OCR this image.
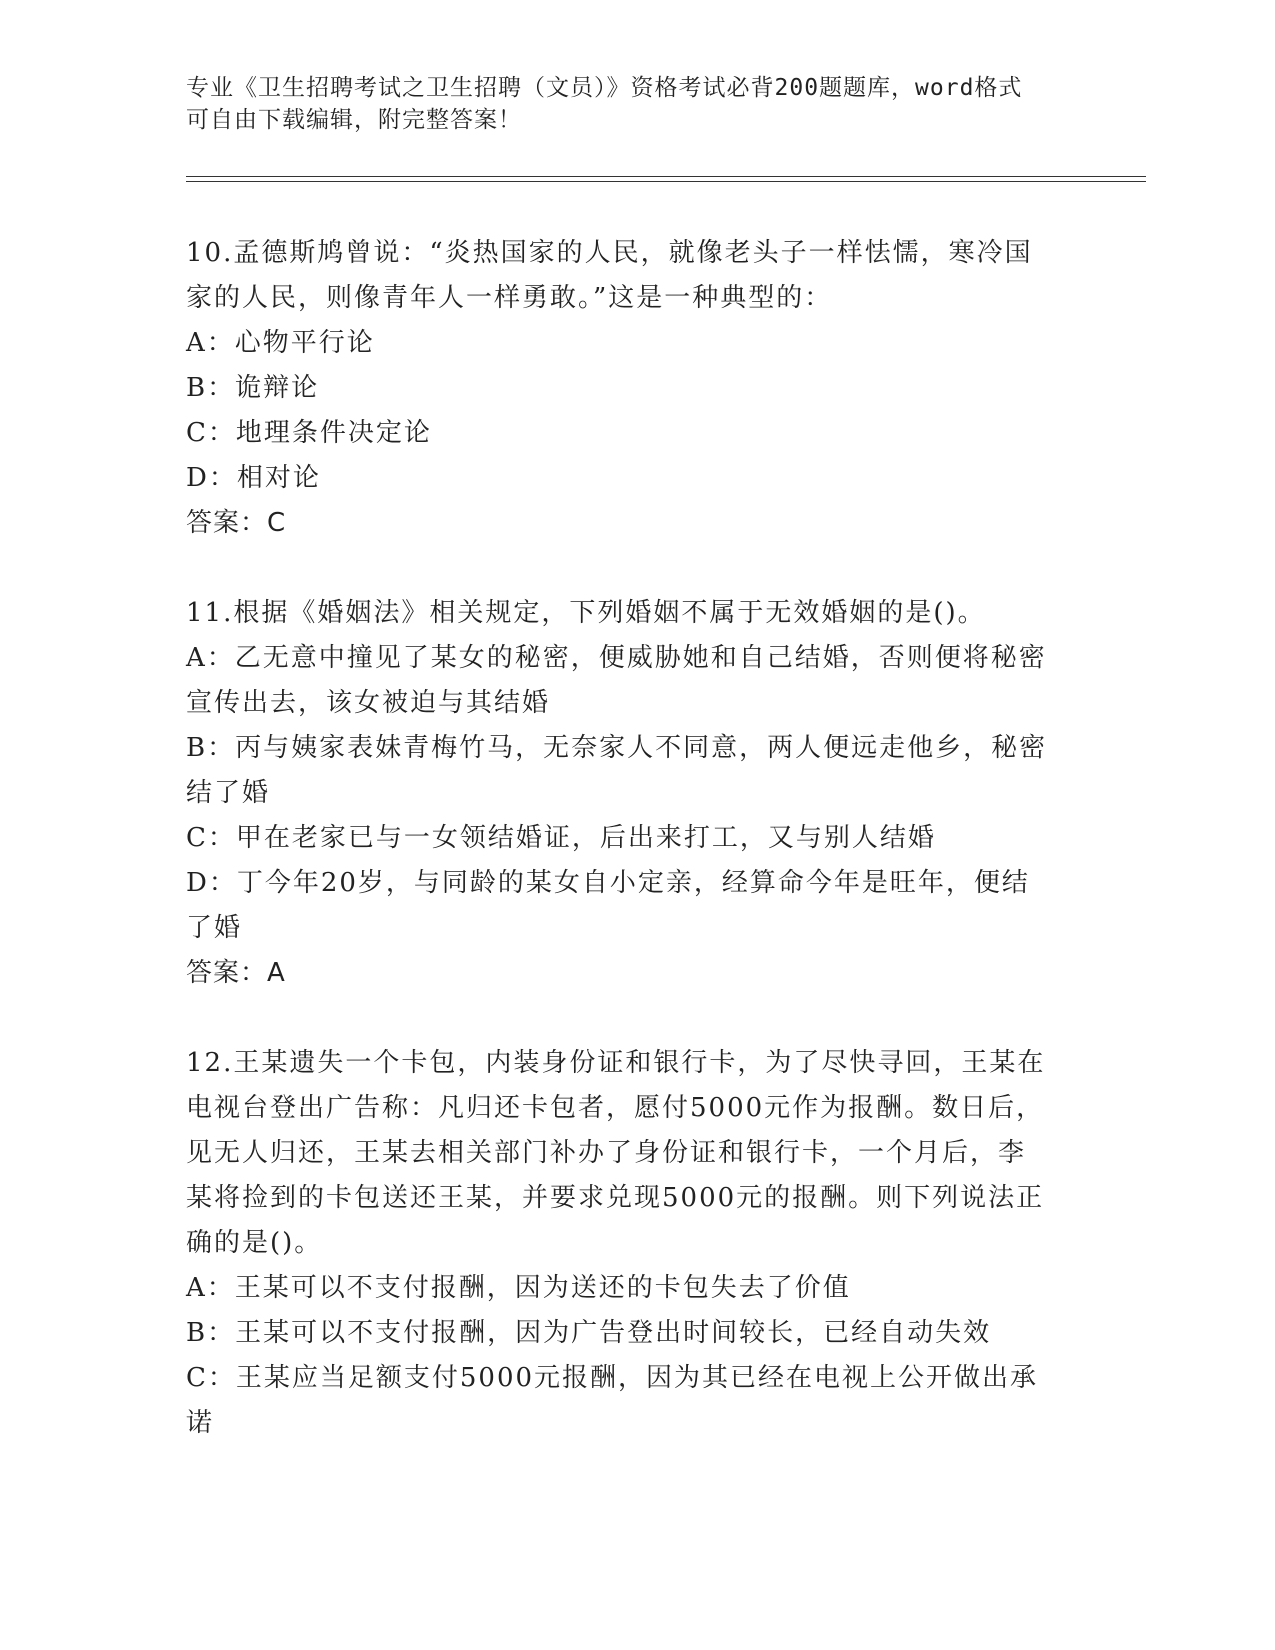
专业《卫生招聘考试之卫生招聘（文员）》资格考试必背200题题库，word格式
可自由下载编辑，附完整答案！
10.孟德斯鸠曾说：“炎热国家的人民，就像老头子一样怯懦，寒冷国
家的人民，则像青年人一样勇敢。”这是一种典型的：
A：心物平行论
B：诡辩论
C：地理条件决定论
D：相对论
答案：C
11.根据《婚姻法》相关规定，下列婚姻不属于无效婚姻的是()。
A：乙无意中撞见了某女的秘密，便威胁她和自己结婚，否则便将秘密
宣传出去，该女被迫与其结婚
B：丙与姨家表妹青梅竹马，无奈家人不同意，两人便远走他乡，秘密
结了婚
C：甲在老家已与一女领结婚证，后出来打工，又与别人结婚
D：丁今年20岁，与同龄的某女自小定亲，经算命今年是旺年，便结
了婚
答案：A
12.王某遗失一个卡包，内装身份证和银行卡，为了尽快寻回，王某在
电视台登出广告称：凡归还卡包者，愿付5000元作为报酬。数日后，
见无人归还，王某去相关部门补办了身份证和银行卡，一个月后，李
某将捡到的卡包送还王某，并要求兑现5000元的报酬。则下列说法正
确的是()。
A：王某可以不支付报酬，因为送还的卡包失去了价值
B：王某可以不支付报酬，因为广告登出时间较长，已经自动失效
C：王某应当足额支付5000元报酬，因为其已经在电视上公开做出承
诺
